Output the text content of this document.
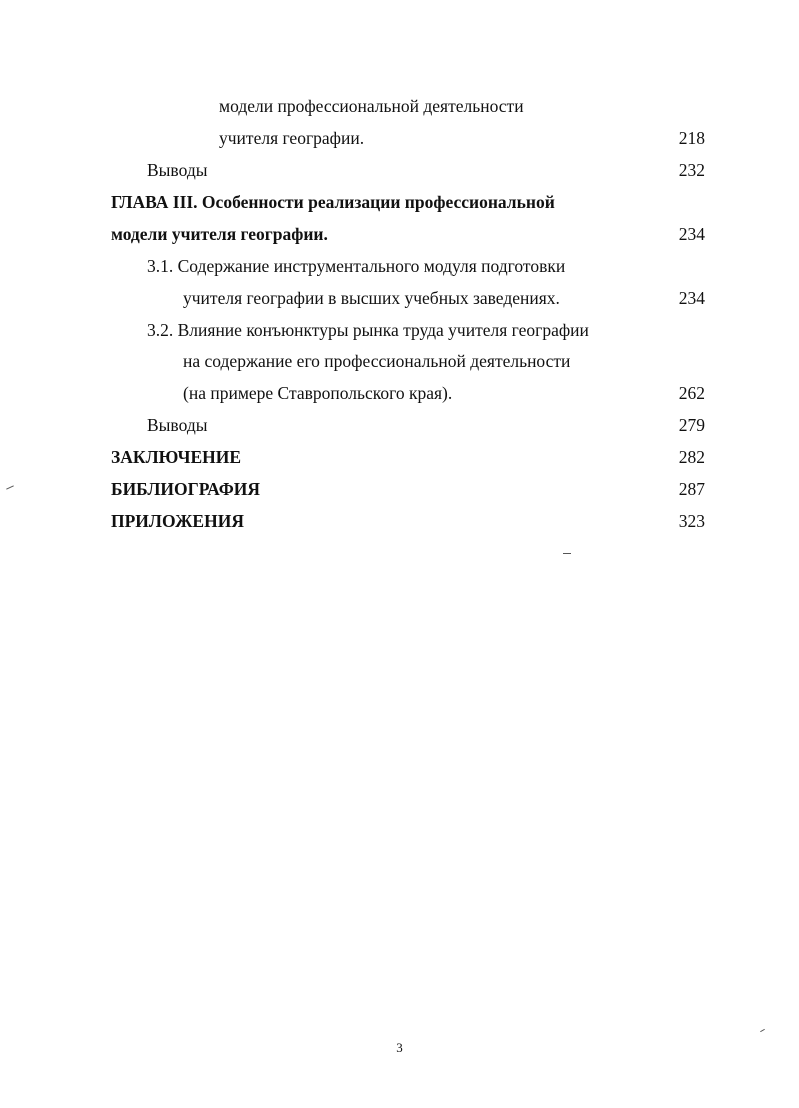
модели профессиональной деятельности
учителя географии.	218
Выводы	232
ГЛАВА III. Особенности реализации профессиональной
модели учителя географии.	234
3.1. Содержание инструментального модуля подготовки
учителя географии в высших учебных заведениях.	234
3.2. Влияние конъюнктуры рынка труда учителя географии
на содержание его профессиональной деятельности
(на примере Ставропольского края).	262
Выводы	279
ЗАКЛЮЧЕНИЕ	282
БИБЛИОГРАФИЯ	287
ПРИЛОЖЕНИЯ	323
3
